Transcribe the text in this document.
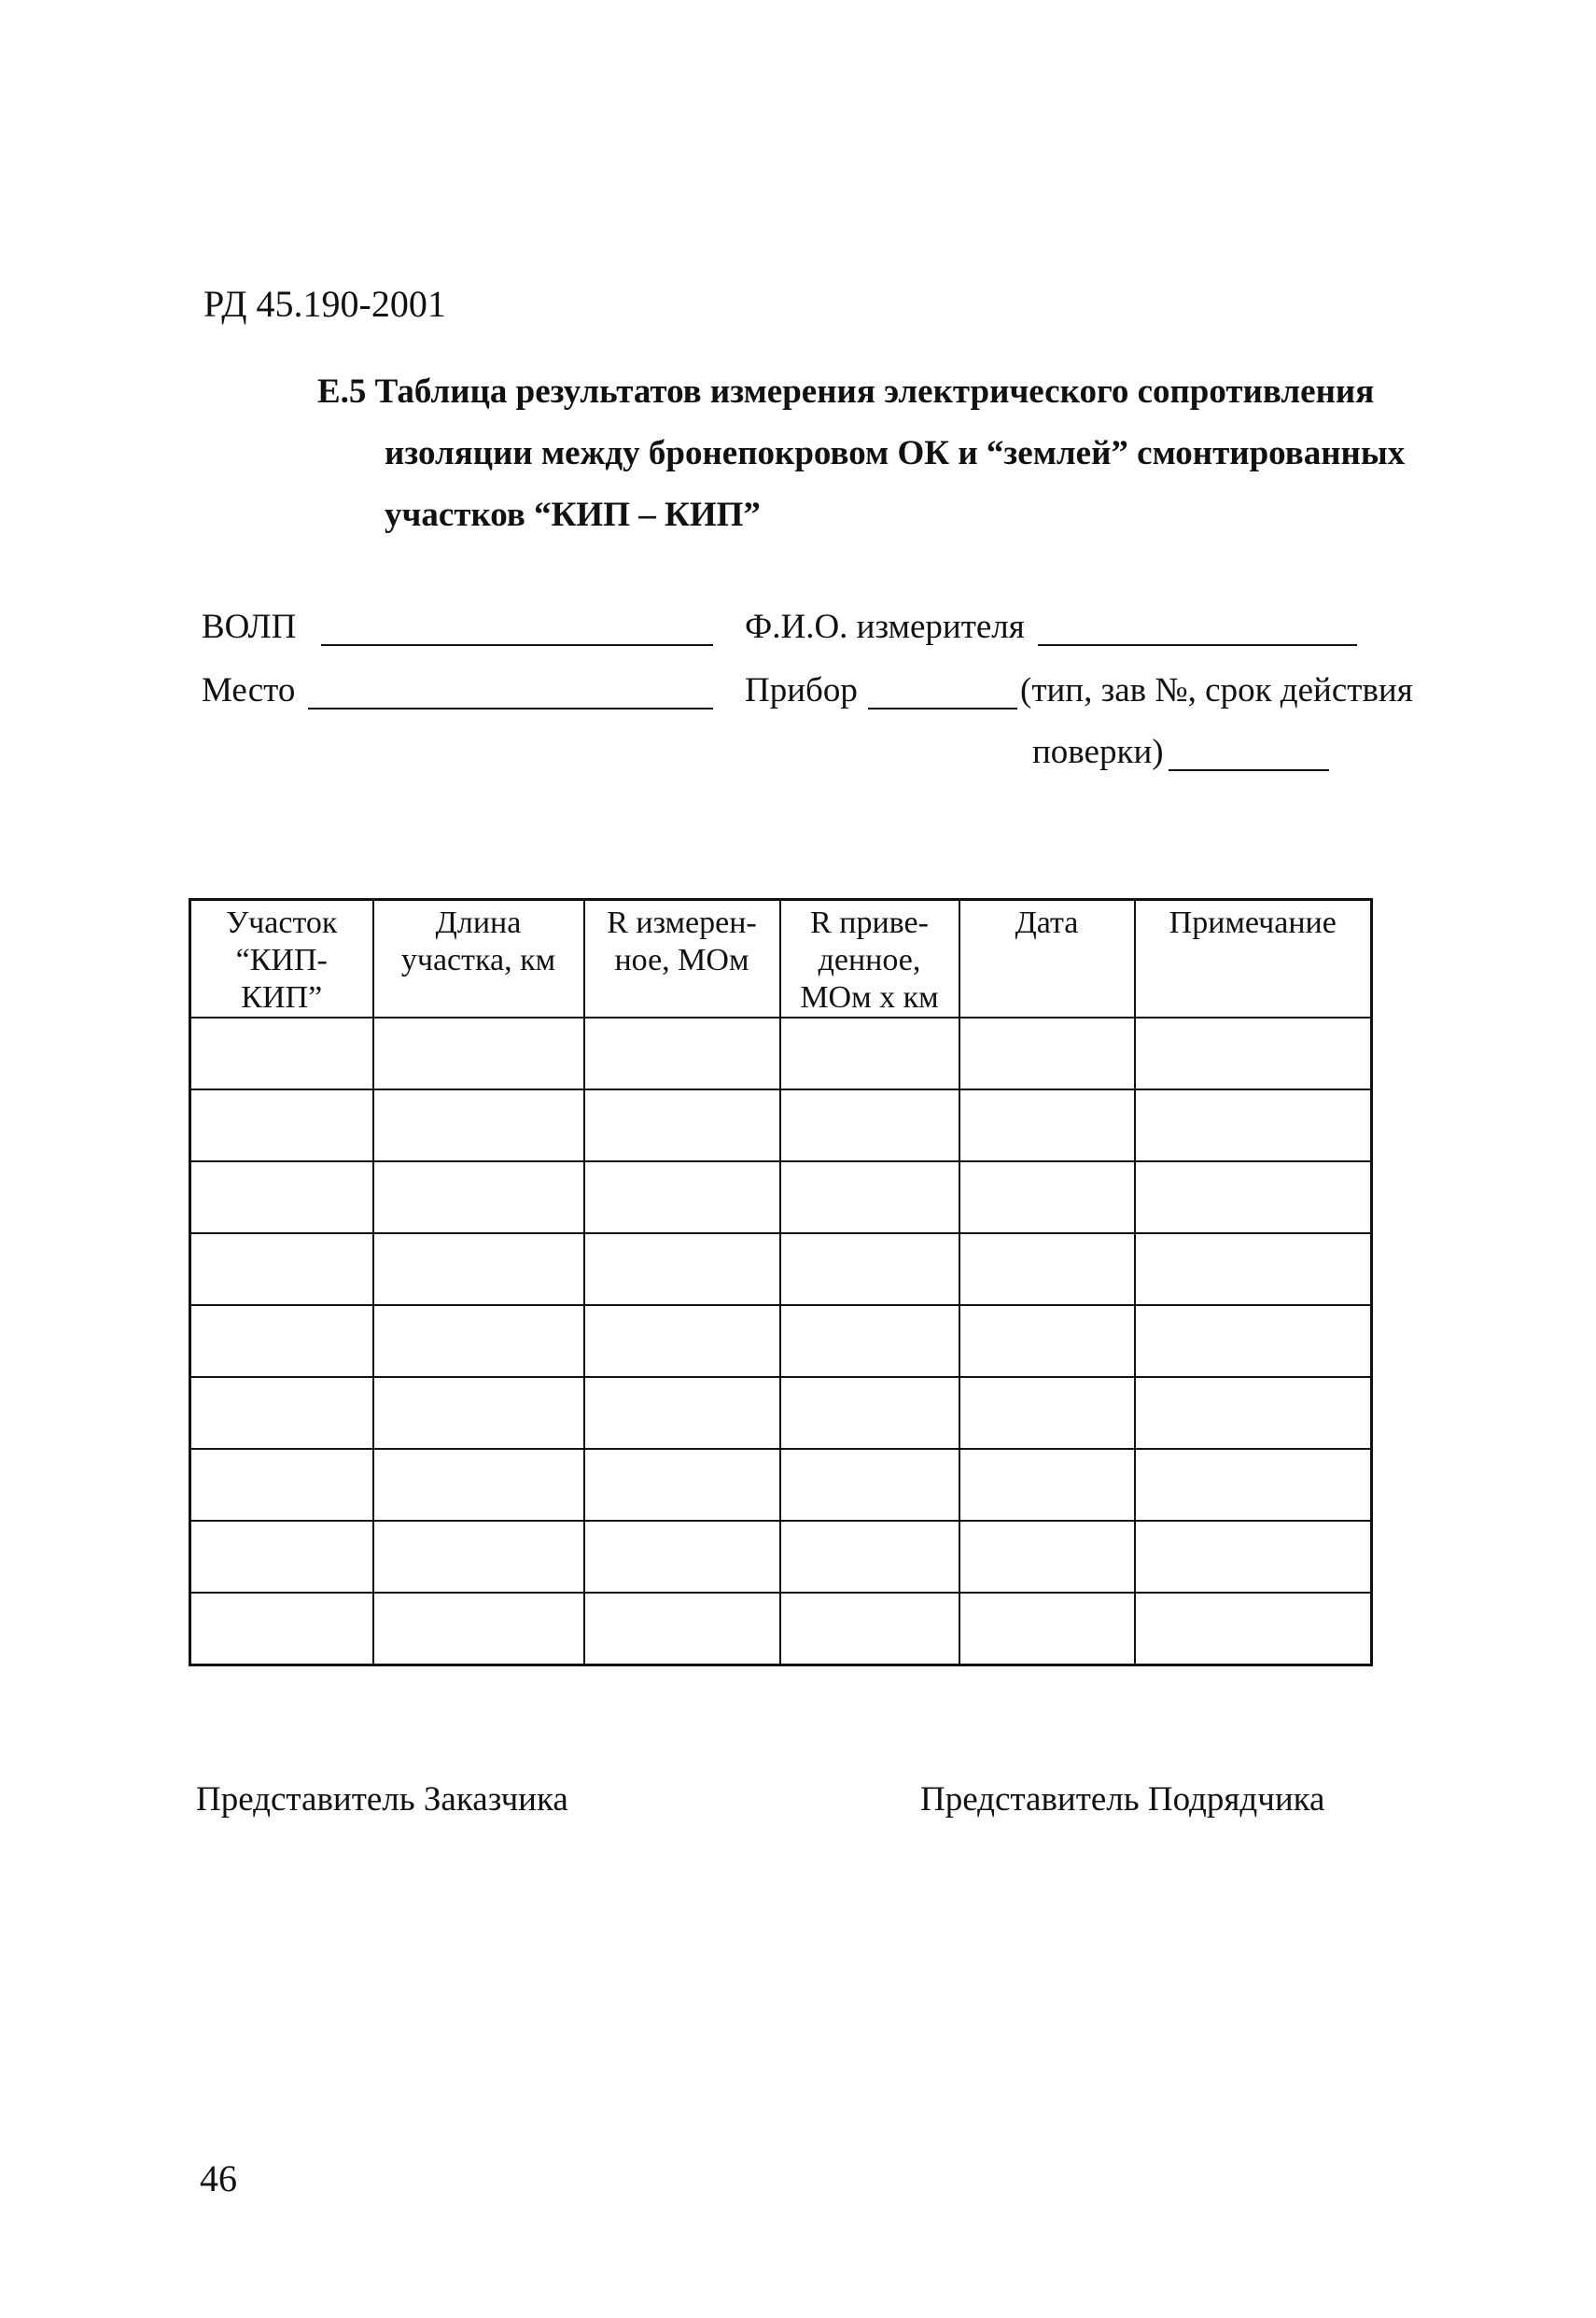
РД 45.190-2001
Е.5 Таблица результатов измерения электрического сопротивления
изоляции между бронепокровом ОК и “землей” смонтированных
участков “КИП – КИП”
ВОЛП	Ф.И.О. измерителя
Место	Прибор	(тип, зав №, срок действия
поверки)
Участок “КИП-КИП”	Длина участка, км	R измерен-ное, МОм	R приве-денное, МОм х км	Дата	Примечание

Представитель Заказчика	Представитель Подрядчика
46
